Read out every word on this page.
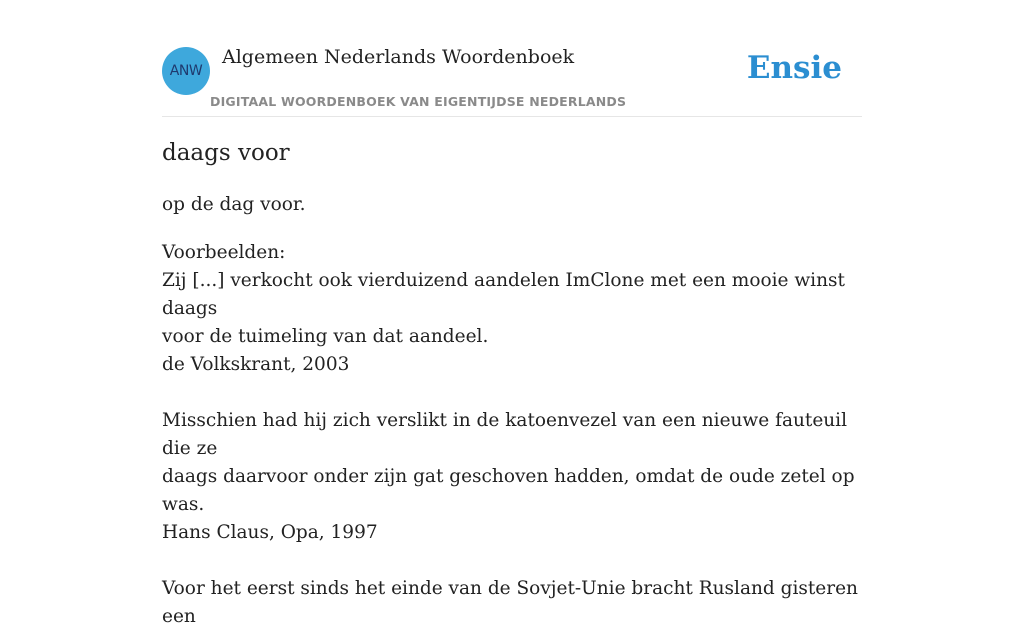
ANW
Algemeen Nederlands Woordenboek
DIGITAAL WOORDENBOEK VAN EIGENTIJDSE NEDERLANDS
Ensie
daags voor
op de dag voor.

Voorbeelden:

Zij [...] verkocht ook vierduizend aandelen ImClone met een mooie winst daags

voor de tuimeling van dat aandeel.

de Volkskrant, 2003

Misschien had hij zich verslikt in de katoenvezel van een nieuwe fauteuil die ze

daags daarvoor onder zijn gat geschoven hadden, omdat de oude zetel op was.

Hans Claus, Opa, 1997

Voor het eerst sinds het einde van de Sovjet-Unie bracht Rusland gisteren een
